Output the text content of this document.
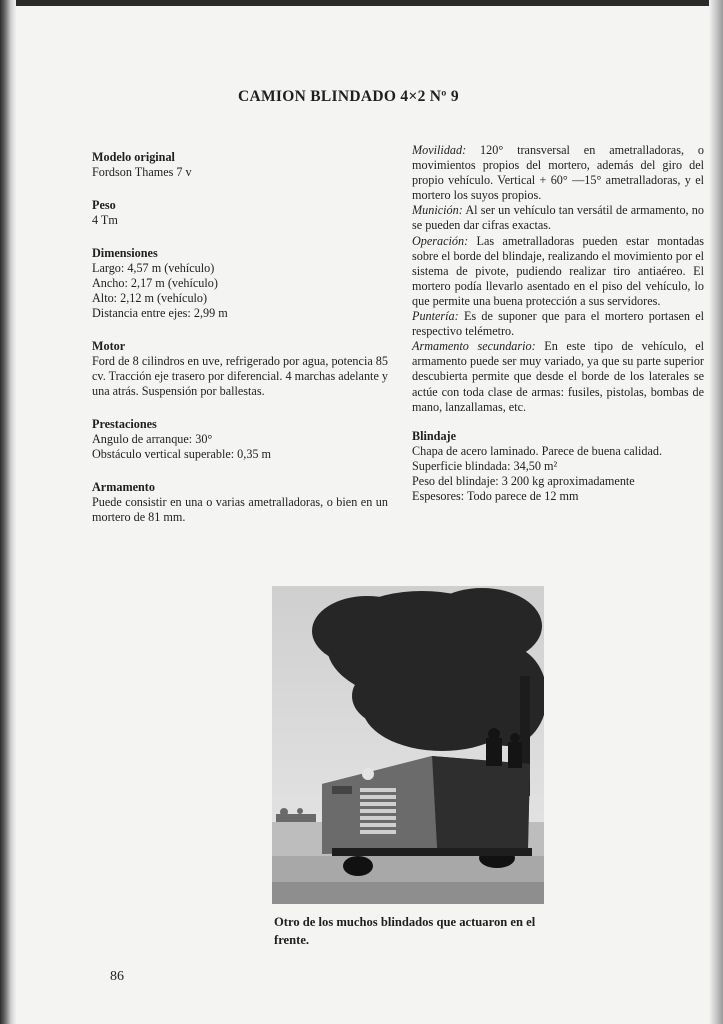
CAMION BLINDADO 4×2 Nº 9

Modelo original

Fordson Thames 7 v

Peso

4 Tm

Dimensiones

Largo: 4,57 m (vehículo)

Ancho: 2,17 m (vehículo)

Alto: 2,12 m (vehículo)

Distancia entre ejes: 2,99 m

Motor

Ford de 8 cilindros en uve, refrigerado por agua, potencia 85 cv. Tracción eje trasero por diferencial. 4 marchas adelante y una atrás. Suspensión por ballestas.

Prestaciones

Angulo de arranque: 30°

Obstáculo vertical superable: 0,35 m

Armamento

Puede consistir en una o varias ametralladoras, o bien en un mortero de 81 mm.

Movilidad: 120° transversal en ametralladoras, o movimientos propios del mortero, además del giro del propio vehículo. Vertical + 60° —15° ametralladoras, y el mortero los suyos propios.

Munición: Al ser un vehículo tan versátil de armamento, no se pueden dar cifras exactas.

Operación: Las ametralladoras pueden estar montadas sobre el borde del blindaje, realizando el movimiento por el sistema de pivote, pudiendo realizar tiro antiaéreo. El mortero podía llevarlo asentado en el piso del vehículo, lo que permite una buena protección a sus servidores.

Puntería: Es de suponer que para el mortero portasen el respectivo telémetro.

Armamento secundario: En este tipo de vehículo, el armamento puede ser muy variado, ya que su parte superior descubierta permite que desde el borde de los laterales se actúe con toda clase de armas: fusiles, pistolas, bombas de mano, lanzallamas, etc.

Blindaje

Chapa de acero laminado. Parece de buena calidad.

Superficie blindada: 34,50 m²

Peso del blindaje: 3 200 kg aproximadamente

Espesores: Todo parece de 12 mm

Otro de los muchos blindados que actuaron en el frente.
86
